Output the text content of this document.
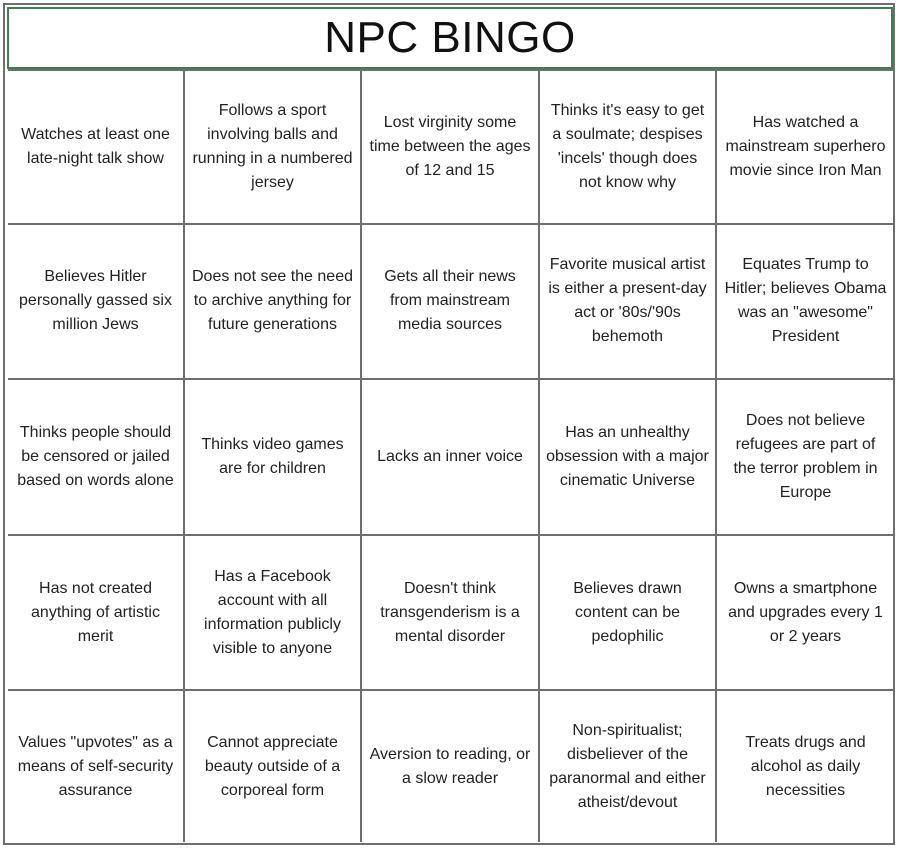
NPC BINGO
Watches at least one late-night talk show
Follows a sport involving balls and running in a numbered jersey
Lost virginity some time between the ages of 12 and 15
Thinks it's easy to get a soulmate; despises 'incels' though does not know why
Has watched a mainstream superhero movie since Iron Man
Believes Hitler personally gassed six million Jews
Does not see the need to archive anything for future generations
Gets all their news from mainstream media sources
Favorite musical artist is either a present-day act or '80s/'90s behemoth
Equates Trump to Hitler; believes Obama was an "awesome" President
Thinks people should be censored or jailed based on words alone
Thinks video games are for children
Lacks an inner voice
Has an unhealthy obsession with a major cinematic Universe
Does not believe refugees are part of the terror problem in Europe
Has not created anything of artistic merit
Has a Facebook account with all information publicly visible to anyone
Doesn't think transgenderism is a mental disorder
Believes drawn content can be pedophilic
Owns a smartphone and upgrades every 1 or 2 years
Values "upvotes" as a means of self-security assurance
Cannot appreciate beauty outside of a corporeal form
Aversion to reading, or a slow reader
Non-spiritualist; disbeliever of the paranormal and either atheist/devout
Treats drugs and alcohol as daily necessities
